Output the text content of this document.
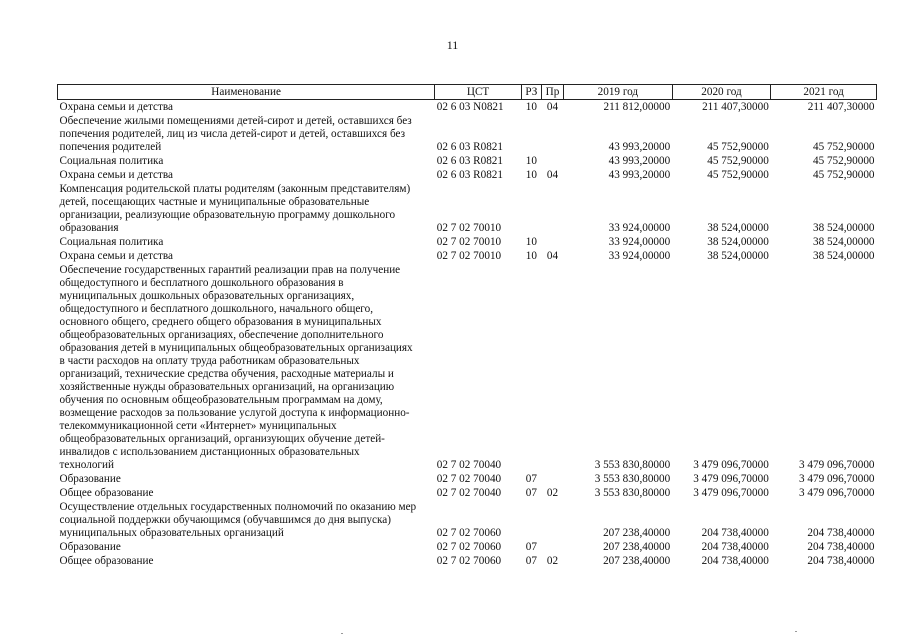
11
Наименование	ЦСТ	РЗ	Пр	2019 год	2020 год	2021 год
Охрана семьи и детства	02 6 03 N0821	10	04	211 812,00000	211 407,30000	211 407,30000
Обеспечение жилыми помещениями детей-сирот и детей, оставшихся без попечения родителей, лиц из числа детей-сирот и детей, оставшихся без попечения родителей	02 6 03 R0821			43 993,20000	45 752,90000	45 752,90000
Социальная политика	02 6 03 R0821	10		43 993,20000	45 752,90000	45 752,90000
Охрана семьи и детства	02 6 03 R0821	10	04	43 993,20000	45 752,90000	45 752,90000
Компенсация родительской платы родителям (законным представителям) детей, посещающих частные и муниципальные образовательные организации, реализующие образовательную программу дошкольного образования	02 7 02 70010			33 924,00000	38 524,00000	38 524,00000
Социальная политика	02 7 02 70010	10		33 924,00000	38 524,00000	38 524,00000
Охрана семьи и детства	02 7 02 70010	10	04	33 924,00000	38 524,00000	38 524,00000
Обеспечение государственных гарантий реализации прав на получение общедоступного и бесплатного дошкольного образования в муниципальных дошкольных образовательных организациях, общедоступного и бесплатного дошкольного, начального общего, основного общего, среднего общего образования в муниципальных общеобразовательных организациях, обеспечение дополнительного образования детей в муниципальных общеобразовательных организациях в части расходов на оплату труда работникам образовательных организаций, технические средства обучения, расходные материалы и хозяйственные нужды образовательных организаций, на организацию обучения по основным общеобразовательным программам на дому, возмещение расходов за пользование услугой доступа к информационно-телекоммуникационной сети «Интернет» муниципальных общеобразовательных организаций, организующих обучение детей-инвалидов с использованием дистанционных образовательных технологий	02 7 02 70040			3 553 830,80000	3 479 096,70000	3 479 096,70000
Образование	02 7 02 70040	07		3 553 830,80000	3 479 096,70000	3 479 096,70000
Общее образование	02 7 02 70040	07	02	3 553 830,80000	3 479 096,70000	3 479 096,70000
Осуществление отдельных государственных полномочий по оказанию мер социальной поддержки обучающимся (обучавшимся до дня выпуска) муниципальных образовательных организаций	02 7 02 70060			207 238,40000	204 738,40000	204 738,40000
Образование	02 7 02 70060	07		207 238,40000	204 738,40000	204 738,40000
Общее образование	02 7 02 70060	07	02	207 238,40000	204 738,40000	204 738,40000
